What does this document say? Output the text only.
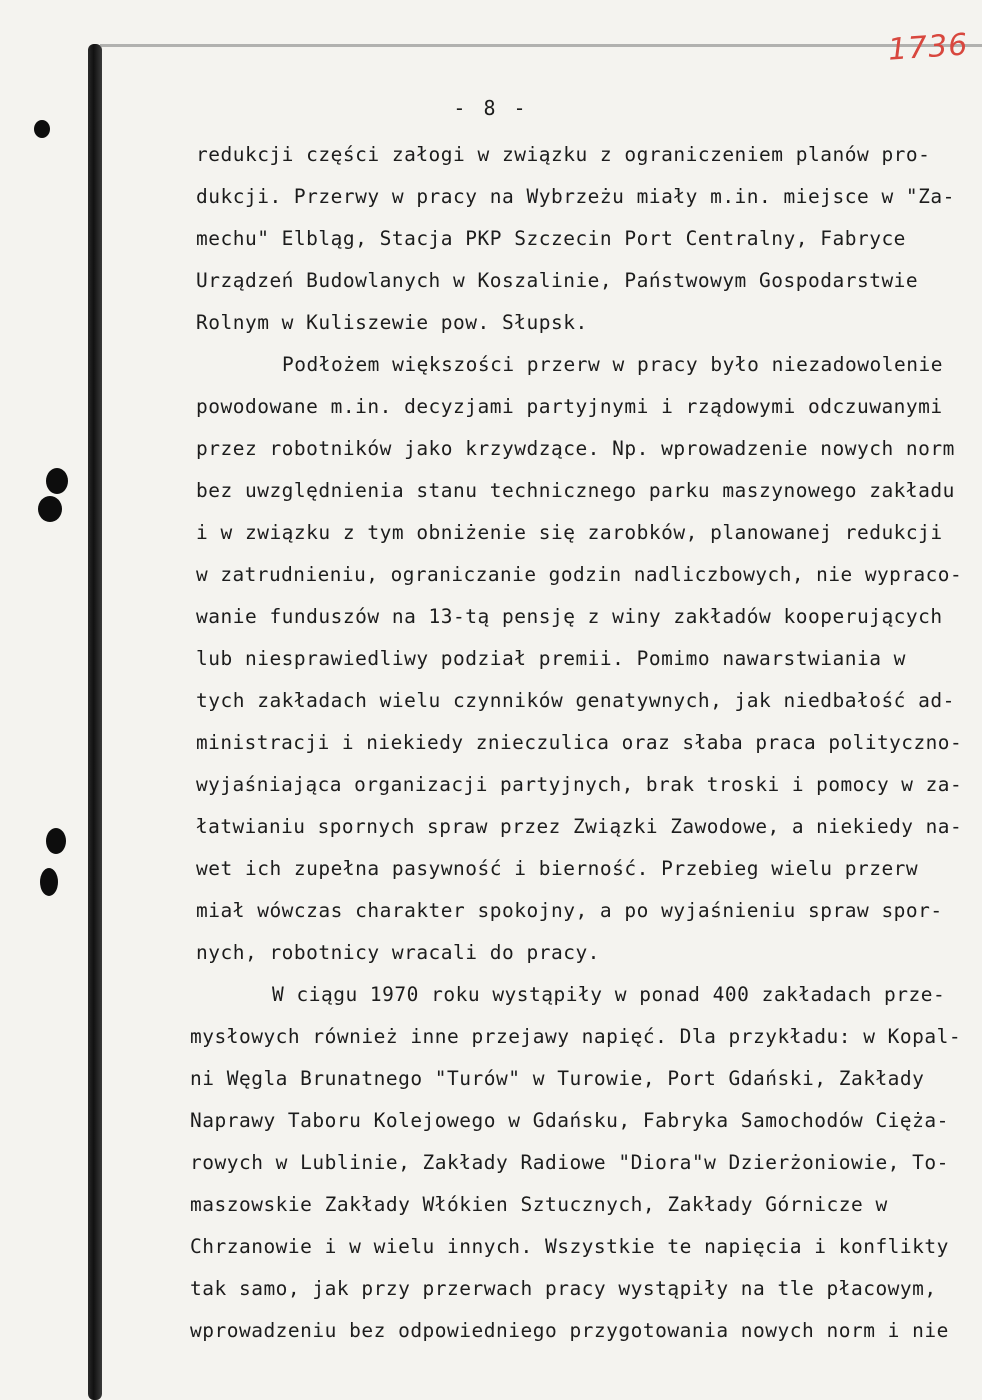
1736
- 8 -
redukcji części załogi w związku z ograniczeniem planów pro-
dukcji. Przerwy w pracy na Wybrzeżu miały m.in. miejsce w "Za-
mechu" Elbląg, Stacja PKP Szczecin Port Centralny, Fabryce
Urządzeń Budowlanych w Koszalinie, Państwowym Gospodarstwie
Rolnym w Kuliszewie pow. Słupsk.
Podłożem większości przerw w pracy było niezadowolenie
powodowane m.in. decyzjami partyjnymi i rządowymi odczuwanymi
przez robotników jako krzywdzące. Np. wprowadzenie nowych norm
bez uwzględnienia stanu technicznego parku maszynowego zakładu
i w związku z tym obniżenie się zarobków, planowanej redukcji
w zatrudnieniu, ograniczanie godzin nadliczbowych, nie wypraco-
wanie funduszów na 13-tą pensję z winy zakładów kooperujących
lub niesprawiedliwy podział premii. Pomimo nawarstwiania w
tych zakładach wielu czynników genatywnych, jak niedbałość ad-
ministracji i niekiedy znieczulica oraz słaba praca polityczno-
wyjaśniająca organizacji partyjnych, brak troski i pomocy w za-
łatwianiu spornych spraw przez Związki Zawodowe, a niekiedy na-
wet ich zupełna pasywność i bierność. Przebieg wielu przerw
miał wówczas charakter spokojny, a po wyjaśnieniu spraw spor-
nych, robotnicy wracali do pracy.
W ciągu 1970 roku wystąpiły w ponad 400 zakładach prze-
mysłowych również inne przejawy napięć. Dla przykładu: w Kopal-
ni Węgla Brunatnego "Turów" w Turowie, Port Gdański, Zakłady
Naprawy Taboru Kolejowego w Gdańsku, Fabryka Samochodów Cięża-
rowych w Lublinie, Zakłady Radiowe "Diora"w Dzierżoniowie, To-
maszowskie Zakłady Włókien Sztucznych, Zakłady Górnicze w
Chrzanowie i w wielu innych. Wszystkie te napięcia i konflikty
tak samo, jak przy przerwach pracy wystąpiły na tle płacowym,
wprowadzeniu bez odpowiedniego przygotowania nowych norm i nie
